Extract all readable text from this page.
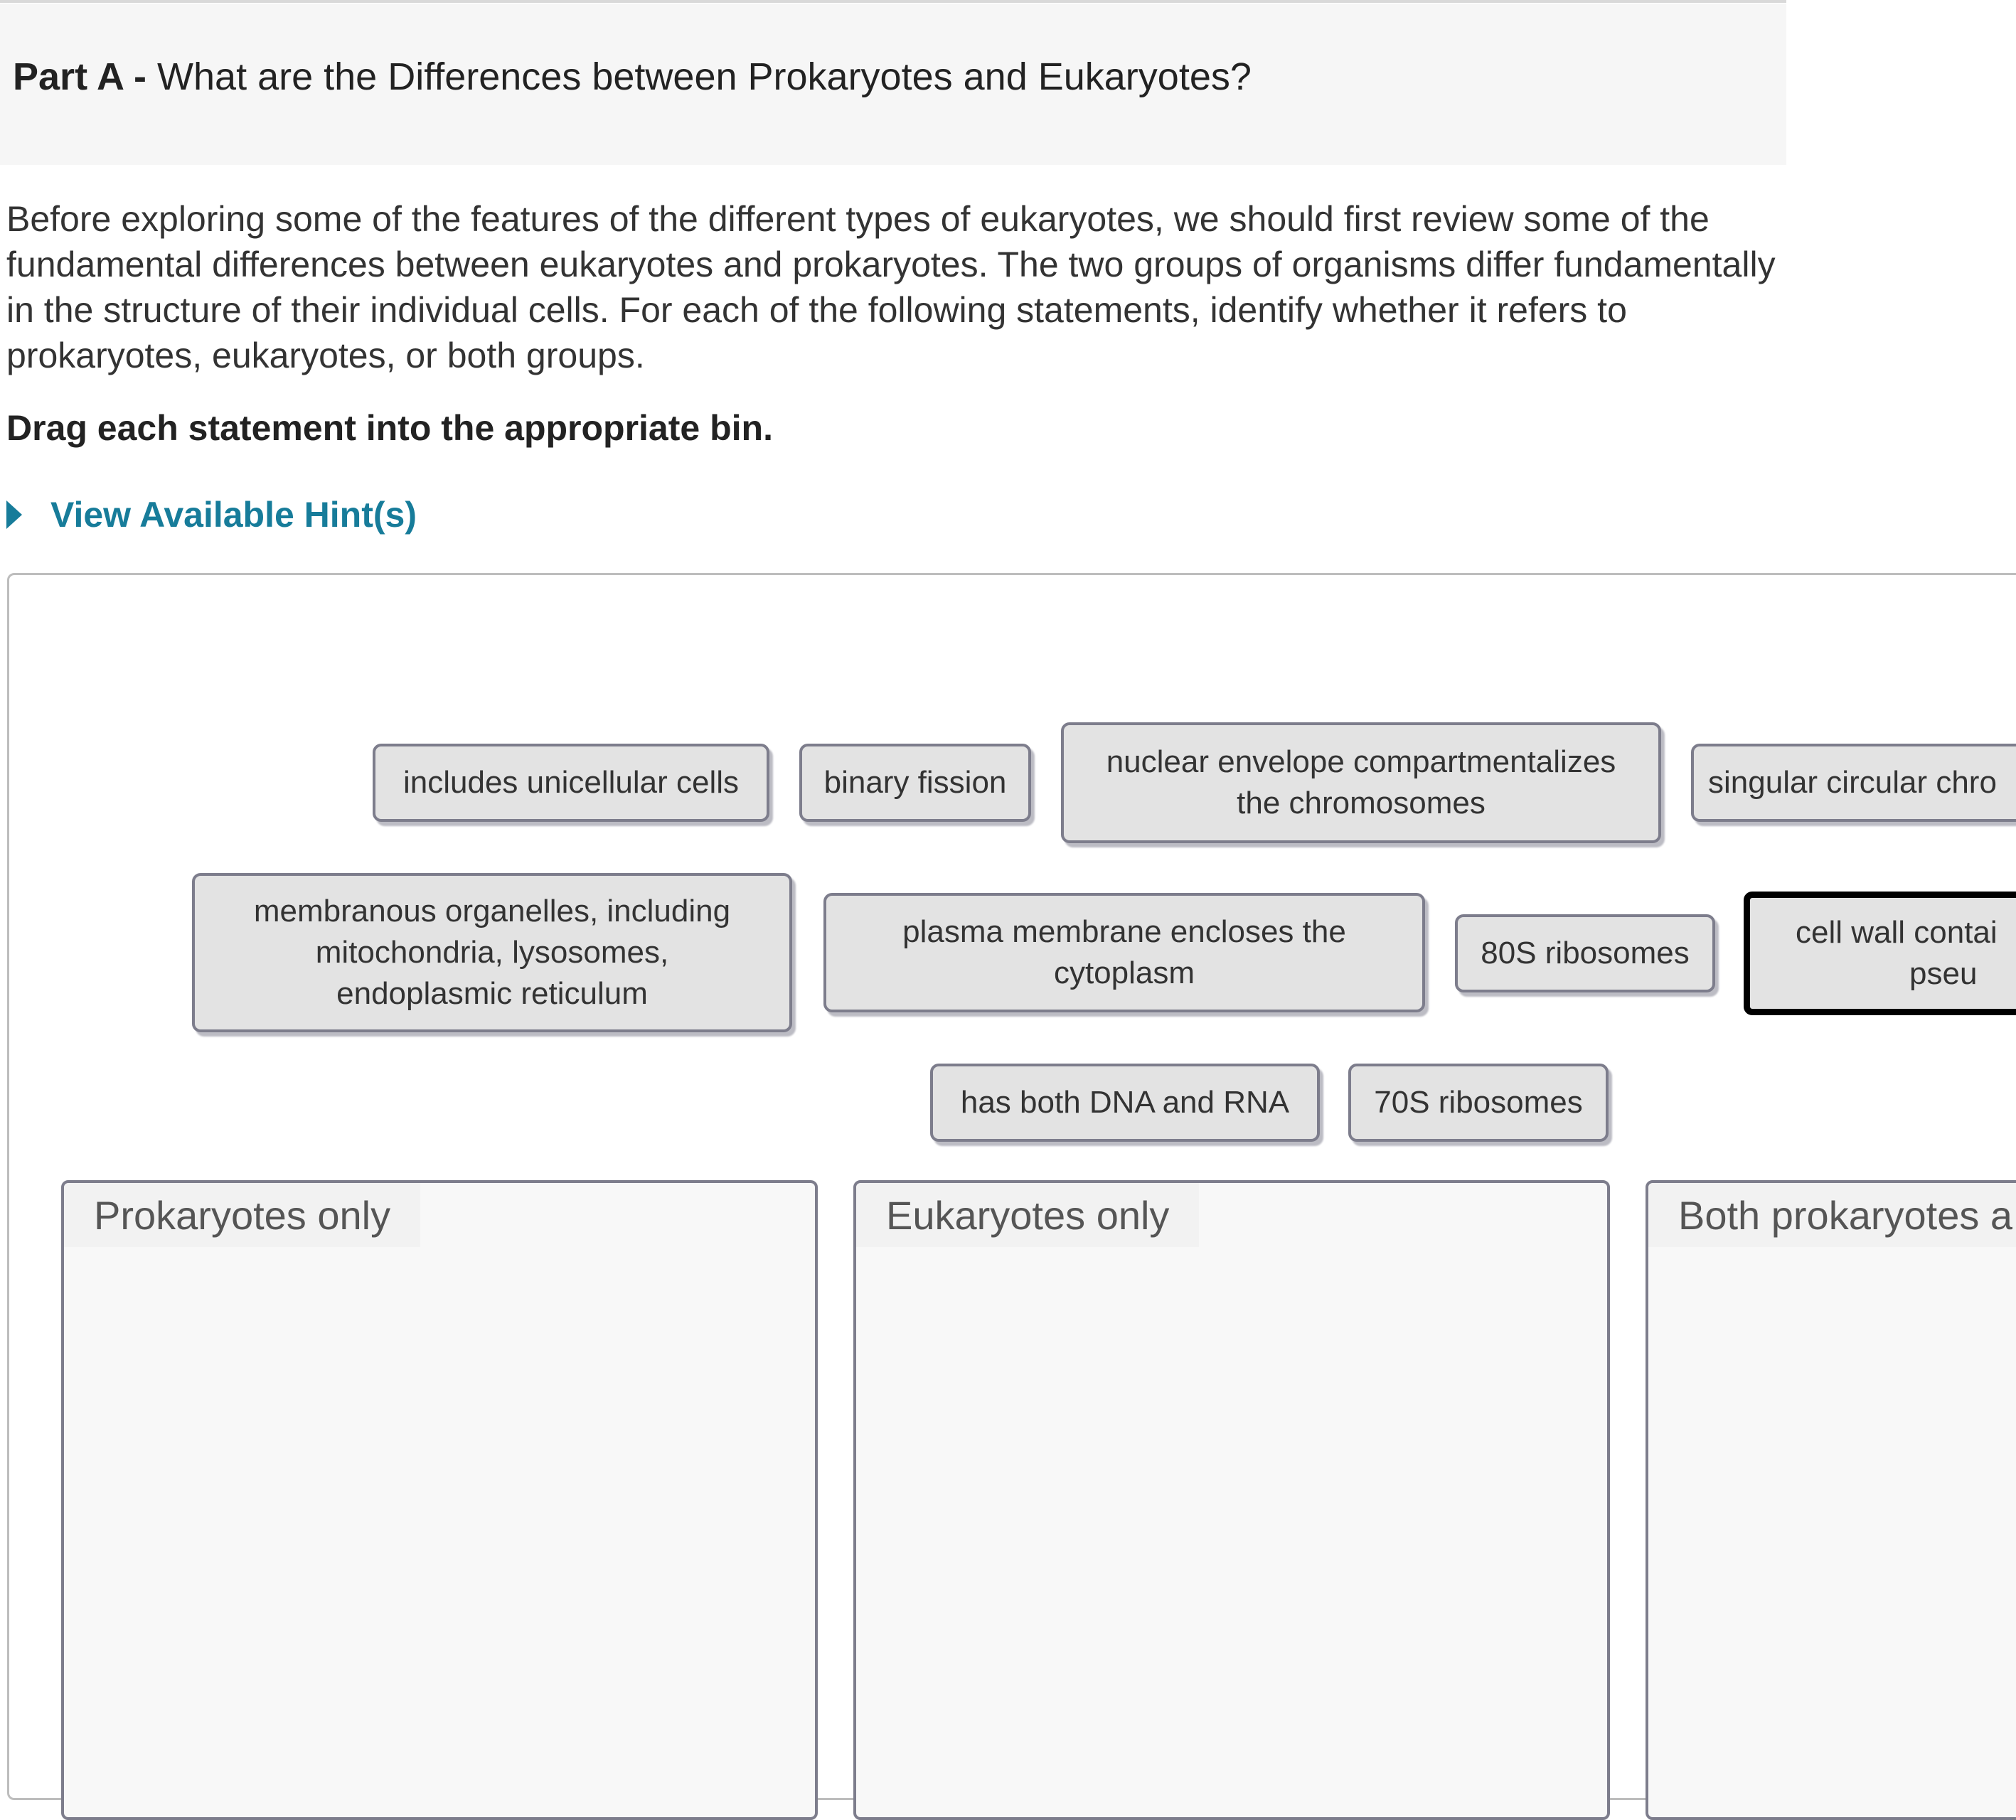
Part A - What are the Differences between Prokaryotes and Eukaryotes?

Before exploring some of the features of the different types of eukaryotes, we should first review some of the fundamental differences between eukaryotes and prokaryotes. The two groups of organisms differ fundamentally in the structure of their individual cells. For each of the following statements, identify whether it refers to prokaryotes, eukaryotes, or both groups.

Drag each statement into the appropriate bin.
View Available Hint(s)
includes unicellular cells	binary fission
nuclear envelope compartmentalizes
the chromosomes
singular circular chro
membranous organelles, including
mitochondria, lysosomes,
endoplasmic reticulum
plasma membrane encloses the
cytoplasm
80S ribosomes
cell wall contai
pseu
has both DNA and RNA	70S ribosomes
Prokaryotes only	Eukaryotes only	Both prokaryotes a
